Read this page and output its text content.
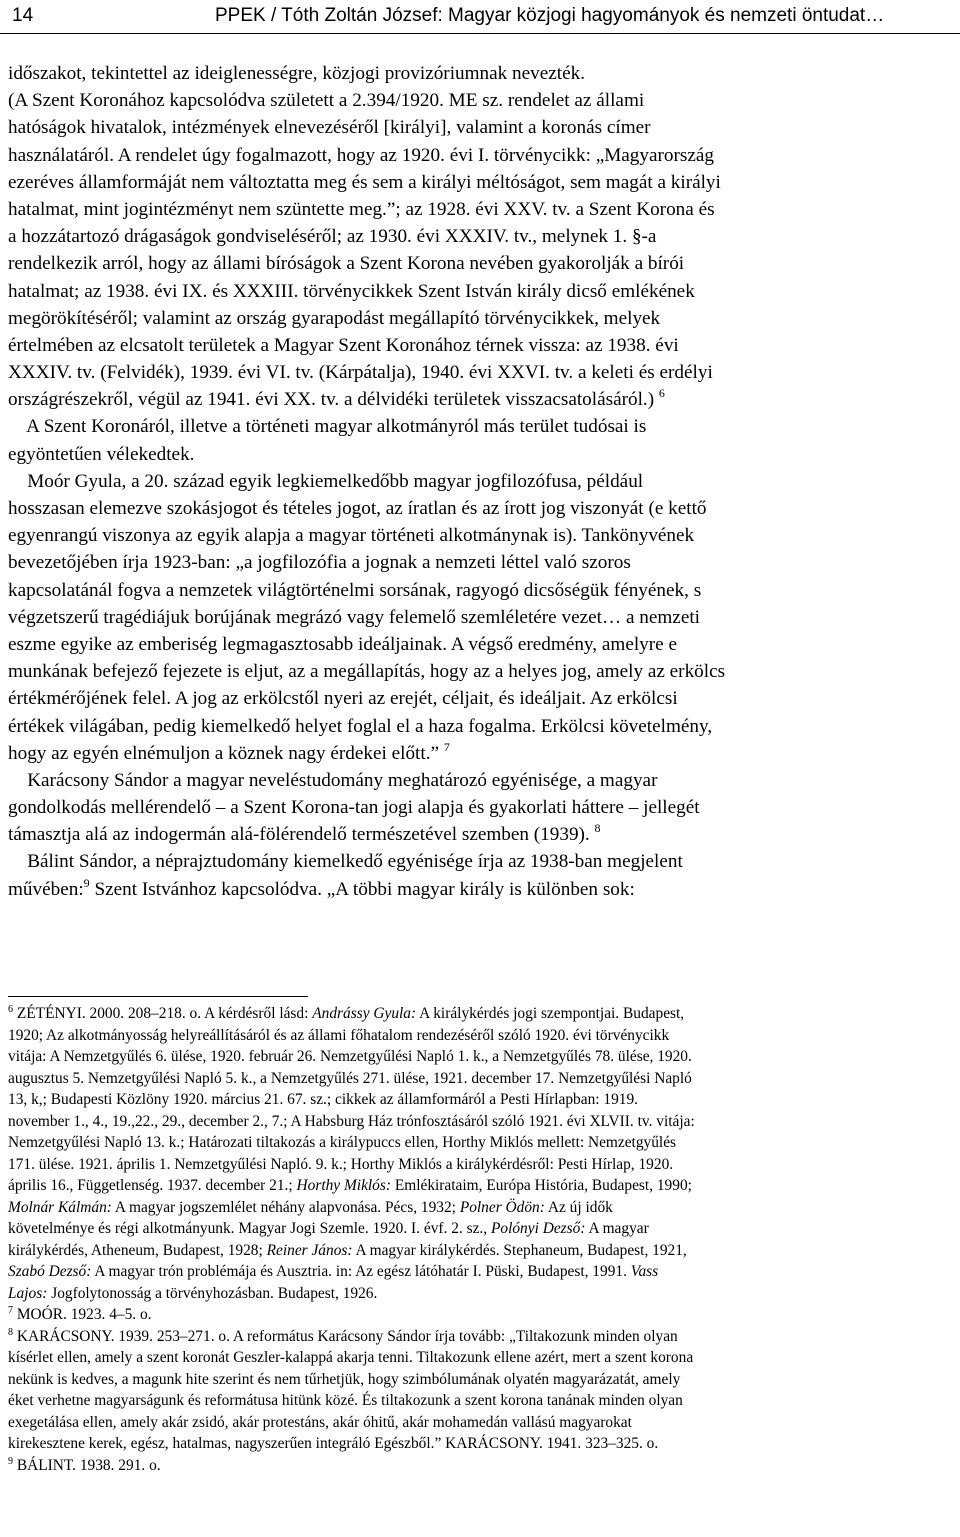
14	PPEK / Tóth Zoltán József: Magyar közjogi hagyományok és nemzeti öntudat…
időszakot, tekintettel az ideiglenességre, közjogi provizóriumnak nevezték.
(A Szent Koronához kapcsolódva született a 2.394/1920. ME sz. rendelet az állami
hatóságok hivatalok, intézmények elnevezéséről [királyi], valamint a koronás címer
használatáról. A rendelet úgy fogalmazott, hogy az 1920. évi I. törvénycikk: „Magyarország
ezeréves államformáját nem változtatta meg és sem a királyi méltóságot, sem magát a királyi
hatalmat, mint jogintézményt nem szüntette meg.”; az 1928. évi XXV. tv. a Szent Korona és
a hozzátartozó drágaságok gondviseléséről; az 1930. évi XXXIV. tv., melynek 1. §-a
rendelkezik arról, hogy az állami bíróságok a Szent Korona nevében gyakorolják a bírói
hatalmat; az 1938. évi IX. és XXXIII. törvénycikkek Szent István király dicső emlékének
megörökítéséről; valamint az ország gyarapodást megállapító törvénycikkek, melyek
értelmében az elcsatolt területek a Magyar Szent Koronához térnek vissza: az 1938. évi
XXXIV. tv. (Felvidék), 1939. évi VI. tv. (Kárpátalja), 1940. évi XXVI. tv. a keleti és erdélyi
országrészekről, végül az 1941. évi XX. tv. a délvidéki területek visszacsatolásáról.) $^6$
A Szent Koronáról, illetve a történeti magyar alkotmányról más terület tudósai is
egyöntetűen vélekedtek.
Moór Gyula, a 20. század egyik legkiemelkedőbb magyar jogfilozófusa, például
hosszasan elemezve szokásjogot és tételes jogot, az íratlan és az írott jog viszonyát (e kettő
egyenrangú viszonya az egyik alapja a magyar történeti alkotmánynak is). Tankönyvének
bevezetőjében írja 1923-ban: „a jogfilozófia a jognak a nemzeti léttel való szoros
kapcsolatánál fogva a nemzetek világtörténelmi sorsának, ragyogó dicsőségük fényének, s
végzetszerű tragédiájuk borújának megrázó vagy felemelő szemléletére vezet… a nemzeti
eszme egyike az emberiség legmagasztosabb ideáljainak. A végső eredmény, amelyre e
munkának befejező fejezete is eljut, az a megállapítás, hogy az a helyes jog, amely az erkölcs
értékmérőjének felel. A jog az erkölcstől nyeri az erejét, céljait, és ideáljait. Az erkölcsi
értékek világában, pedig kiemelkedő helyet foglal el a haza fogalma. Erkölcsi követelmény,
hogy az egyén elnémuljon a köznek nagy érdekei előtt.” $^7$
Karácsony Sándor a magyar neveléstudomány meghatározó egyénisége, a magyar
gondolkodás mellérendelő – a Szent Korona-tan jogi alapja és gyakorlati háttere – jellegét
támasztja alá az indogermán alá-fölérendelő természetével szemben (1939). $^8$
Bálint Sándor, a néprajztudomány kiemelkedő egyénisége írja az 1938-ban megjelent
művében:$^9$ Szent Istvánhoz kapcsolódva. „A többi magyar király is különben sok:
$^6$ ZÉTÉNYI. 2000. 208–218. o. A kérdésről lásd: Andrássy Gyula: A királykérdés jogi szempontjai. Budapest,
1920; Az alkotmányosság helyreállításáról és az állami főhatalom rendezéséről szóló 1920. évi törvénycikk
vitája: A Nemzetgyűlés 6. ülése, 1920. február 26. Nemzetgyűlési Napló 1. k., a Nemzetgyűlés 78. ülése, 1920.
augusztus 5. Nemzetgyűlési Napló 5. k., a Nemzetgyűlés 271. ülése, 1921. december 17. Nemzetgyűlési Napló
13, k,; Budapesti Közlöny 1920. március 21. 67. sz.; cikkek az államformáról a Pesti Hírlapban: 1919.
november 1., 4., 19.,22., 29., december 2., 7.; A Habsburg Ház trónfosztásáról szóló 1921. évi XLVII. tv. vitája:
Nemzetgyűlési Napló 13. k.; Határozati tiltakozás a királypuccs ellen, Horthy Miklós mellett: Nemzetgyűlés
171. ülése. 1921. április 1. Nemzetgyűlési Napló. 9. k.; Horthy Miklós a királykérdésről: Pesti Hírlap, 1920.
április 16., Függetlenség. 1937. december 21.; Horthy Miklós: Emlékirataim, Európa História, Budapest, 1990;
Molnár Kálmán: A magyar jogszemlélet néhány alapvonása. Pécs, 1932; Polner Ödön: Az új idők
követelménye és régi alkotmányunk. Magyar Jogi Szemle. 1920. I. évf. 2. sz., Polónyi Dezső: A magyar
királykérdés, Atheneum, Budapest, 1928; Reiner János: A magyar királykérdés. Stephaneum, Budapest, 1921,
Szabó Dezső: A magyar trón problémája és Ausztria. in: Az egész látóhatár I. Püski, Budapest, 1991. Vass
Lajos: Jogfolytonosság a törvényhozásban. Budapest, 1926.
$^7$ MOÓR. 1923. 4–5. o.
$^8$ KARÁCSONY. 1939. 253–271. o. A református Karácsony Sándor írja tovább: „Tiltakozunk minden olyan
kísérlet ellen, amely a szent koronát Geszler-kalappá akarja tenni. Tiltakozunk ellene azért, mert a szent korona
nekünk is kedves, a magunk hite szerint és nem tűrhetjük, hogy szimbólumának olyatén magyarázatát, amely
éket verhetne magyarságunk és reformátusa hitünk közé. És tiltakozunk a szent korona tanának minden olyan
exegetálása ellen, amely akár zsidó, akár protestáns, akár óhitű, akár mohamedán vallású magyarokat
kirekesztene kerek, egész, hatalmas, nagyszerűen integráló Egészből.” KARÁCSONY. 1941. 323–325. o.
$^9$ BÁLINT. 1938. 291. o.
